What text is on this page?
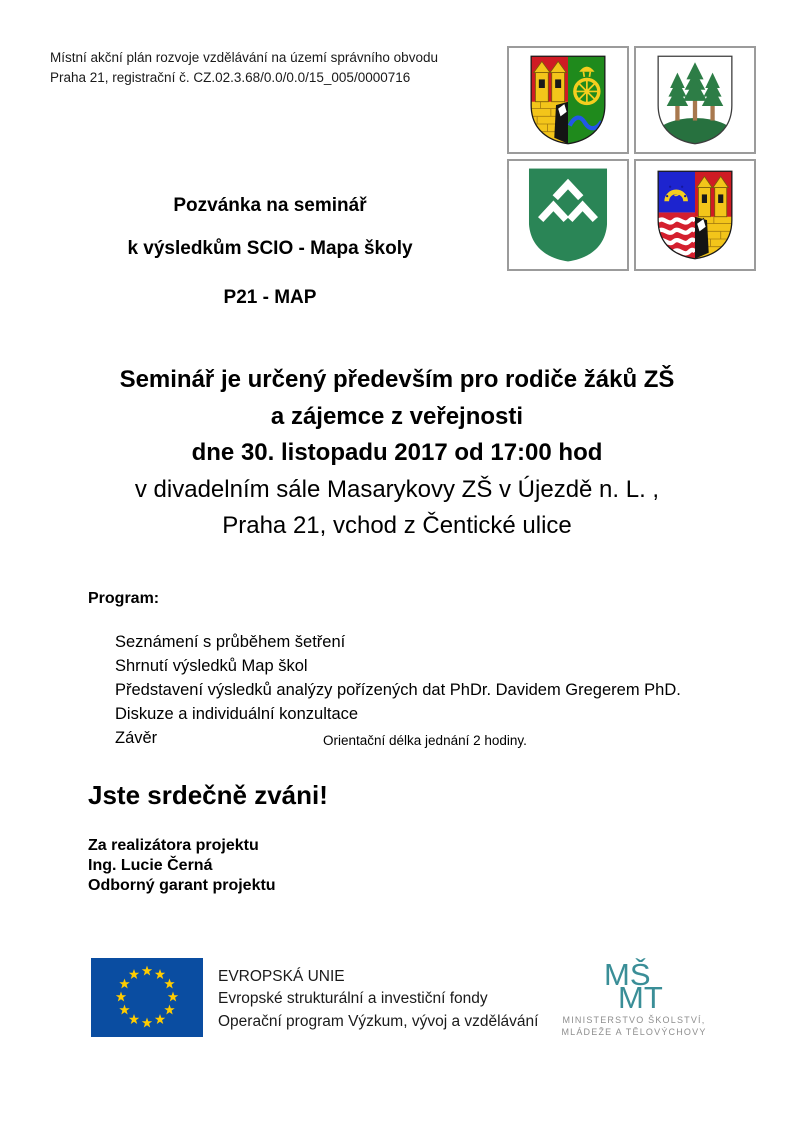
Místní akční plán rozvoje vzdělávání na území správního obvodu
Praha 21, registrační č. CZ.02.3.68/0.0/0.0/15_005/0000716
Pozvánka na seminář
k výsledkům SCIO - Mapa školy
P21 - MAP
Seminář je určený především pro rodiče žáků ZŠ
a zájemce z veřejnosti
dne 30. listopadu 2017 od 17:00 hod
v divadelním sále Masarykovy ZŠ v Újezdě n. L. ,
Praha 21, vchod z Čentické ulice
Program:
Seznámení s průběhem šetření
Shrnutí výsledků Map škol
Představení výsledků analýzy pořízených dat PhDr. Davidem Gregerem PhD.
Diskuze a individuální konzultace
Závěr	Orientační délka jednání 2 hodiny.
Jste srdečně zváni!
Za realizátora projektu
Ing. Lucie Černá
Odborný garant projektu
EVROPSKÁ UNIE
Evropské strukturální a investiční fondy
Operační program Výzkum, vývoj a vzdělávání
MŠ
MT
MINISTERSTVO ŠKOLSTVÍ,
MLÁDEŽE A TĚLOVÝCHOVY
